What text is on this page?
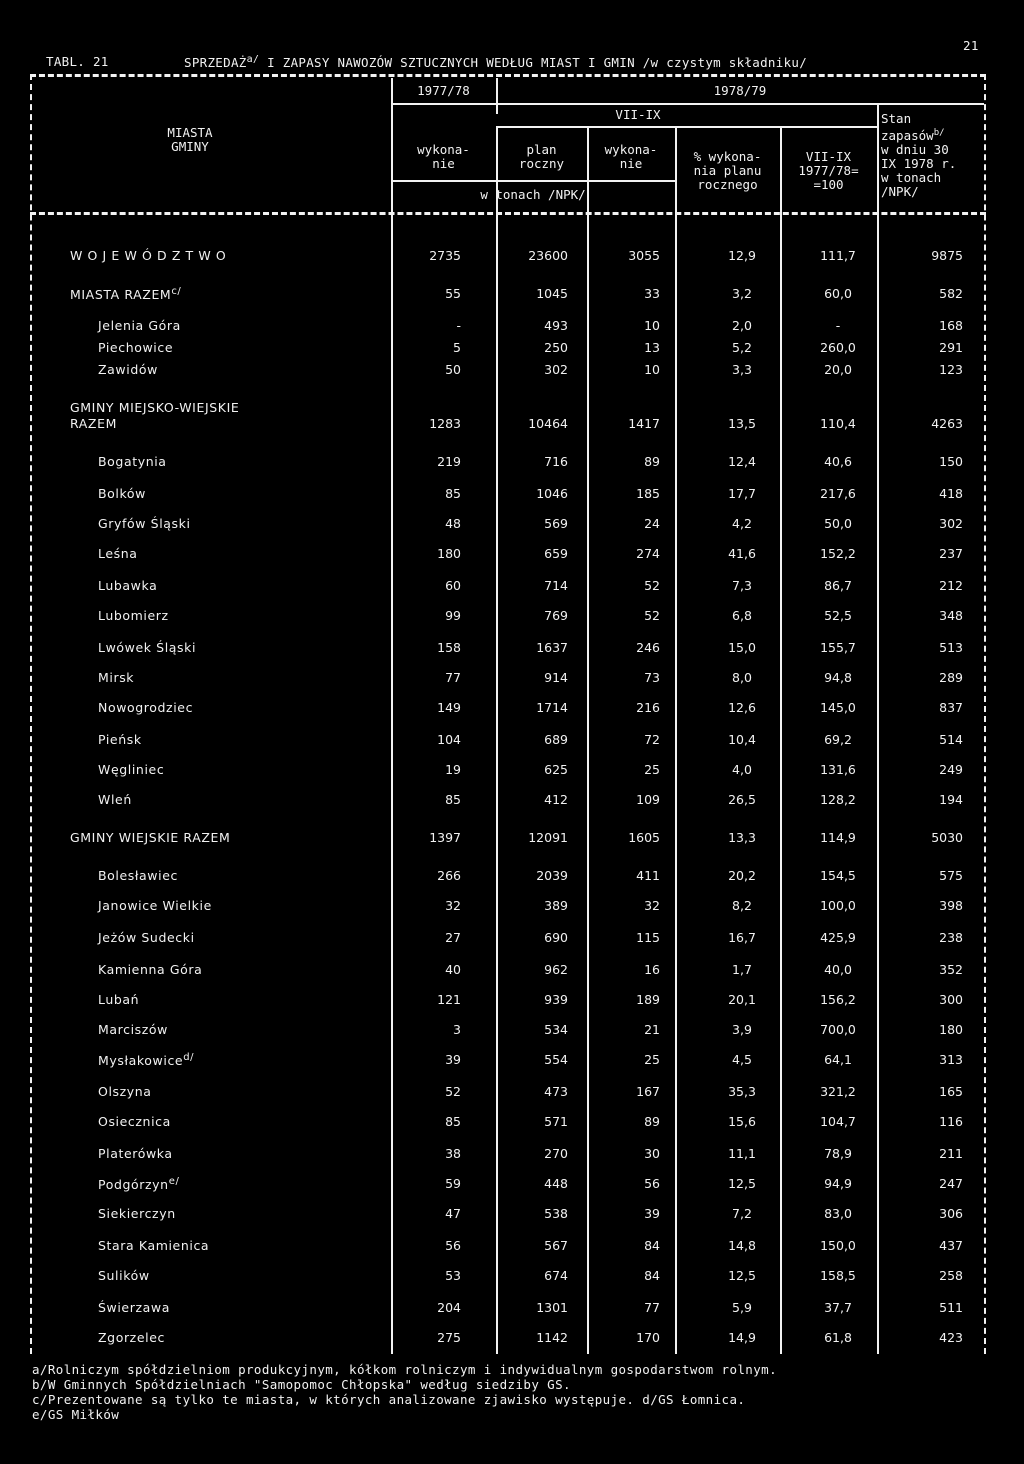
TABL. 21	$SPRZEDAŻ^{a/}$ I ZAPASY NAWOZÓW SZTUCZNYCH WEDŁUG MIAST I GMIN /w czystym składniku/
21
MIASTA
GMINY
1977/78	1978/79
VII-IX
wykona-
nie
plan
roczny
wykona-
nie
w tonach /NPK/
% wykona-
nia planu
rocznego
VII-IX
1977/78=
=100
Stan
zapasów$^{b/}$
w dniu 30
IX 1978 r.
w tonach
/NPK/
W O J E W Ó D Z T W O	2735	23600	3055	12,9	111,7	9875
MIASTA $RAZEM^{c/}$	55	1045	33	3,2	60,0	582
Jelenia Góra	-	493	10	2,0	-	168
Piechowice	5	250	13	5,2	260,0	291
Zawidów	50	302	10	3,3	20,0	123
GMINY MIEJSKO-WIEJSKIE
RAZEM	1283	10464	1417	13,5	110,4	4263
Bogatynia	219	716	89	12,4	40,6	150
Bolków	85	1046	185	17,7	217,6	418
Gryfów Śląski	48	569	24	4,2	50,0	302
Leśna	180	659	274	41,6	152,2	237
Lubawka	60	714	52	7,3	86,7	212
Lubomierz	99	769	52	6,8	52,5	348
Lwówek Śląski	158	1637	246	15,0	155,7	513
Mirsk	77	914	73	8,0	94,8	289
Nowogrodziec	149	1714	216	12,6	145,0	837
Pieńsk	104	689	72	10,4	69,2	514
Węgliniec	19	625	25	4,0	131,6	249
Wleń	85	412	109	26,5	128,2	194
GMINY WIEJSKIE RAZEM	1397	12091	1605	13,3	114,9	5030
Bolesławiec	266	2039	411	20,2	154,5	575
Janowice Wielkie	32	389	32	8,2	100,0	398
Jeżów Sudecki	27	690	115	16,7	425,9	238
Kamienna Góra	40	962	16	1,7	40,0	352
Lubań	121	939	189	20,1	156,2	300
Marciszów	3	534	21	3,9	700,0	180
Mysłakowice$^{d/}$	39	554	25	4,5	64,1	313
Olszyna	52	473	167	35,3	321,2	165
Osiecznica	85	571	89	15,6	104,7	116
Platerówka	38	270	30	11,1	78,9	211
Podgórzyn$^{e/}$	59	448	56	12,5	94,9	247
Siekierczyn	47	538	39	7,2	83,0	306
Stara Kamienica	56	567	84	14,8	150,0	437
Sulików	53	674	84	12,5	158,5	258
Świerzawa	204	1301	77	5,9	37,7	511
Zgorzelec	275	1142	170	14,9	61,8	423
a/Rolniczym spółdzielniom produkcyjnym, kółkom rolniczym i indywidualnym gospodarstwom rolnym.
b/W Gminnych Spółdzielniach "Samopomoc Chłopska" według siedziby GS.
c/Prezentowane są tylko te miasta, w których analizowane zjawisko występuje. d/GS Łomnica.
e/GS Miłków
